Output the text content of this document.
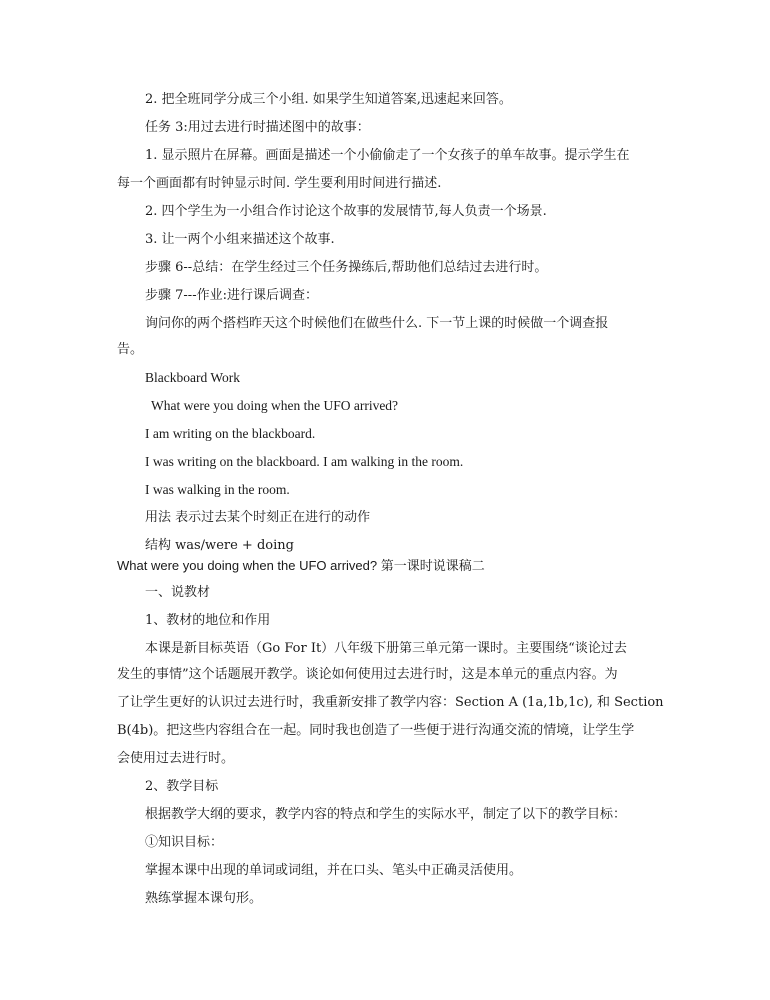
2. 把全班同学分成三个小组. 如果学生知道答案,迅速起来回答。
任务 3:用过去进行时描述图中的故事：
1. 显示照片在屏幕。画面是描述一个小偷偷走了一个女孩子的单车故事。提示学生在
每一个画面都有时钟显示时间. 学生要利用时间进行描述.
2. 四个学生为一小组合作讨论这个故事的发展情节,每人负责一个场景.
3. 让一两个小组来描述这个故事.
步骤 6--总结：在学生经过三个任务操练后,帮助他们总结过去进行时。
步骤 7---作业:进行课后调查：
询问你的两个搭档昨天这个时候他们在做些什么. 下一节上课的时候做一个调查报
告。
Blackboard Work
What were you doing when the UFO arrived?
I am writing on the blackboard.
I was writing on the blackboard. I am walking in the room.
I was walking in the room.
用法 表示过去某个时刻正在进行的动作
结构 was/were + doing
What were you doing when the UFO arrived? 第一课时说课稿二
一、说教材
1、教材的地位和作用
本课是新目标英语（Go For It）八年级下册第三单元第一课时。主要围绕“谈论过去
发生的事情”这个话题展开教学。谈论如何使用过去进行时，这是本单元的重点内容。为
了让学生更好的认识过去进行时，我重新安排了教学内容：Section A (1a,1b,1c), 和 Section
B(4b)。把这些内容组合在一起。同时我也创造了一些便于进行沟通交流的情境，让学生学
会使用过去进行时。
2、教学目标
根据教学大纲的要求，教学内容的特点和学生的实际水平，制定了以下的教学目标：
①知识目标：
掌握本课中出现的单词或词组，并在口头、笔头中正确灵活使用。
熟练掌握本课句形。
